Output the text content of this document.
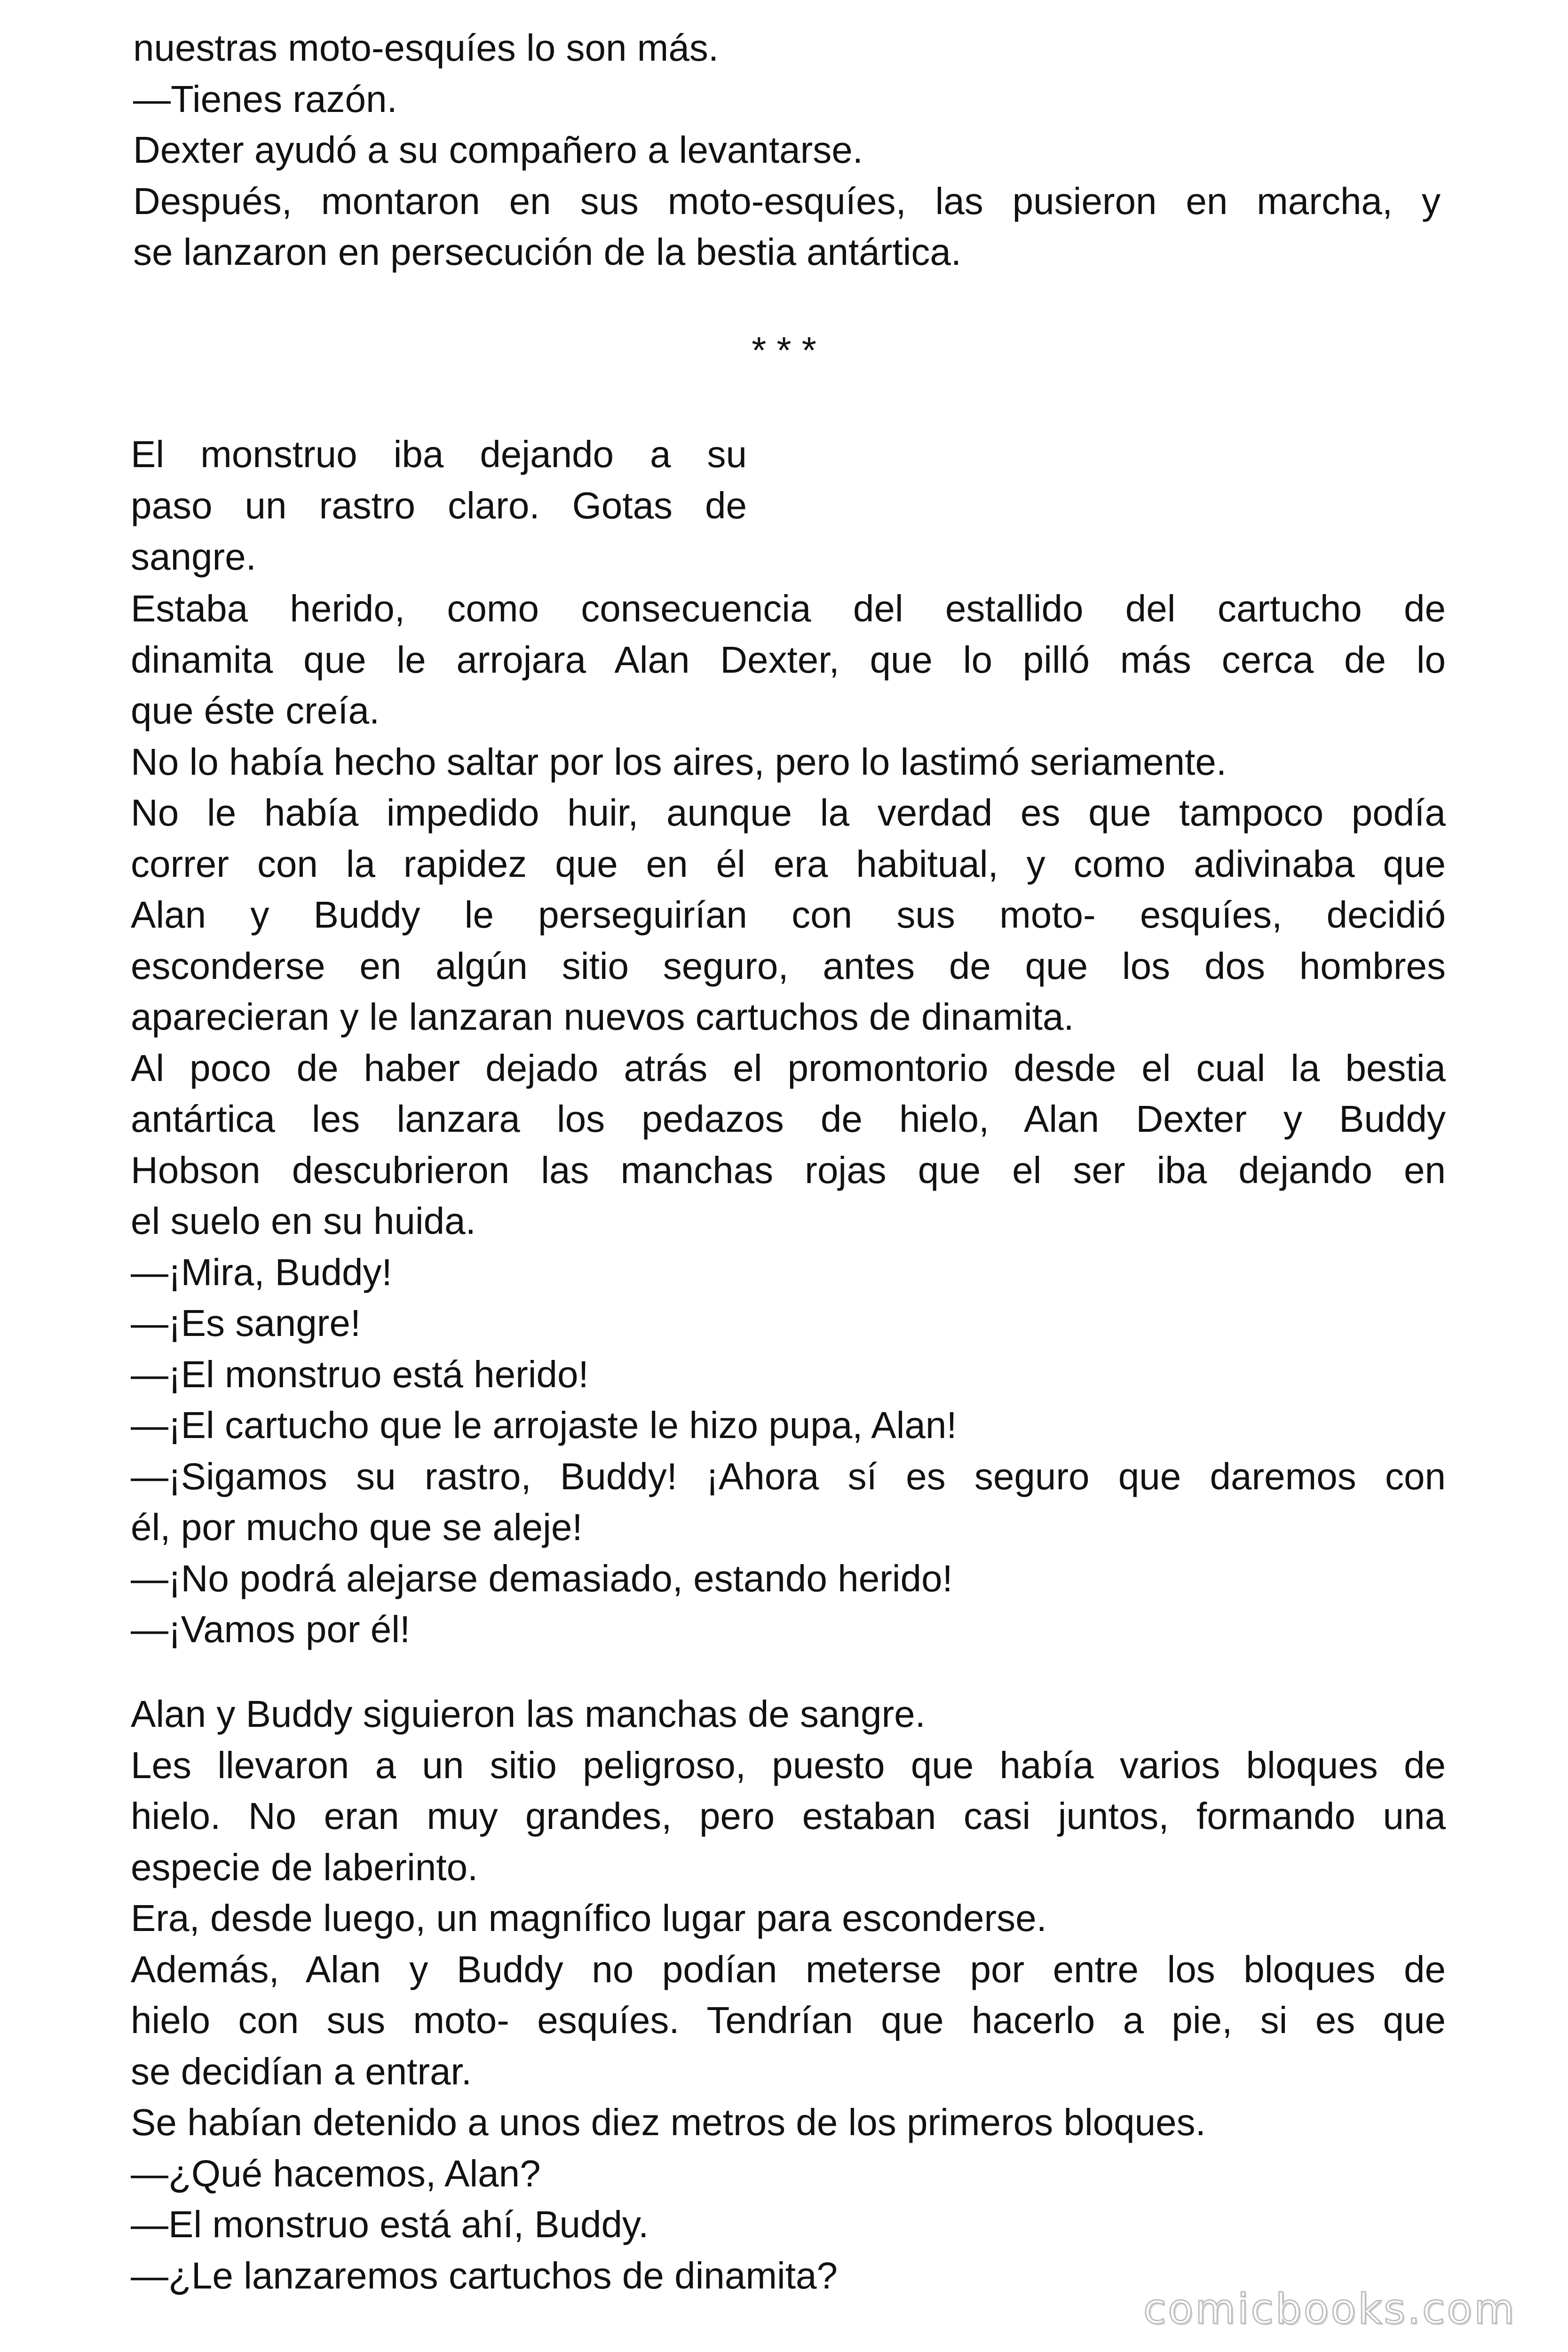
nuestras moto-esquíes lo son más.
—Tienes razón.
Dexter ayudó a su compañero a levantarse.
Después, montaron en sus moto-esquíes, las pusieron en marcha, y
se lanzaron en persecución de la bestia antártica.

* * *

El monstruo iba dejando a su
paso un rastro claro. Gotas de
sangre.
Estaba herido, como consecuencia del estallido del cartucho de
dinamita que le arrojara Alan Dexter, que lo pilló más cerca de lo
que éste creía.
No lo había hecho saltar por los aires, pero lo lastimó seriamente.
No le había impedido huir, aunque la verdad es que tampoco podía
correr con la rapidez que en él era habitual, y como adivinaba que
Alan y Buddy le perseguirían con sus moto- esquíes, decidió
esconderse en algún sitio seguro, antes de que los dos hombres
aparecieran y le lanzaran nuevos cartuchos de dinamita.
Al poco de haber dejado atrás el promontorio desde el cual la bestia
antártica les lanzara los pedazos de hielo, Alan Dexter y Buddy
Hobson descubrieron las manchas rojas que el ser iba dejando en
el suelo en su huida.
—¡Mira, Buddy!
—¡Es sangre!
—¡El monstruo está herido!
—¡El cartucho que le arrojaste le hizo pupa, Alan!
—¡Sigamos su rastro, Buddy! ¡Ahora sí es seguro que daremos con
él, por mucho que se aleje!
—¡No podrá alejarse demasiado, estando herido!
—¡Vamos por él!
Alan y Buddy siguieron las manchas de sangre.
Les llevaron a un sitio peligroso, puesto que había varios bloques de
hielo. No eran muy grandes, pero estaban casi juntos, formando una
especie de laberinto.
Era, desde luego, un magnífico lugar para esconderse.
Además, Alan y Buddy no podían meterse por entre los bloques de
hielo con sus moto- esquíes. Tendrían que hacerlo a pie, si es que
se decidían a entrar.
Se habían detenido a unos diez metros de los primeros bloques.
—¿Qué hacemos, Alan?
—El monstruo está ahí, Buddy.
—¿Le lanzaremos cartuchos de dinamita?
comicbooks.com
